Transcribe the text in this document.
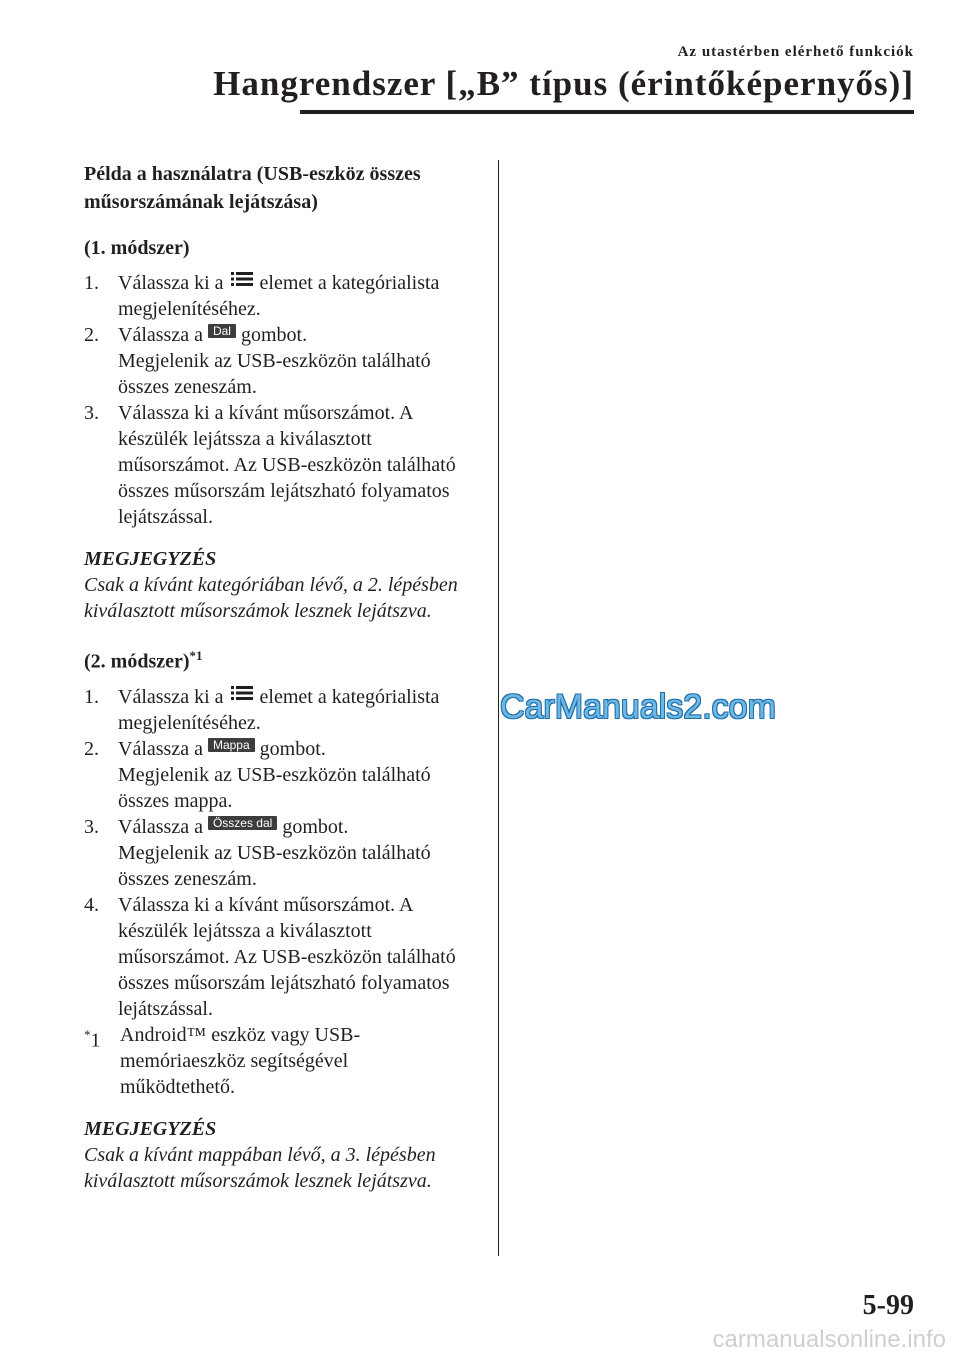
Az utastérben elérhető funkciók
Hangrendszer [„B” típus (érintőképernyős)]

Példa a használatra (USB-eszköz összes műsorszámának lejátszása)

(1. módszer)

1. Válassza ki a elemet a kategórialista megjelenítéséhez.
2. Válassza a Dal gombot.
Megjelenik az USB-eszközön található összes zeneszám.
3. Válassza ki a kívánt műsorszámot. A készülék lejátssza a kiválasztott műsorszámot. Az USB-eszközön található összes műsorszám lejátszható folyamatos lejátszással.
MEGJEGYZÉS
Csak a kívánt kategóriában lévő, a 2. lépésben kiválasztott műsorszámok lesznek lejátszva.

(2. módszer)$^{*1}$

1. Válassza ki a elemet a kategórialista megjelenítéséhez.
2. Válassza a Mappa gombot.
Megjelenik az USB-eszközön található összes mappa.
3. Válassza a Összes dal gombot.
Megjelenik az USB-eszközön található összes zeneszám.
4. Válassza ki a kívánt műsorszámot. A készülék lejátssza a kiválasztott műsorszámot. Az USB-eszközön található összes műsorszám lejátszható folyamatos lejátszással.
*1 Android™ eszköz vagy USB-memóriaeszköz segítségével működtethető.
MEGJEGYZÉS
Csak a kívánt mappában lévő, a 3. lépésben kiválasztott műsorszámok lesznek lejátszva.
CarManuals2.com
5-99
carmanualsonline.info
